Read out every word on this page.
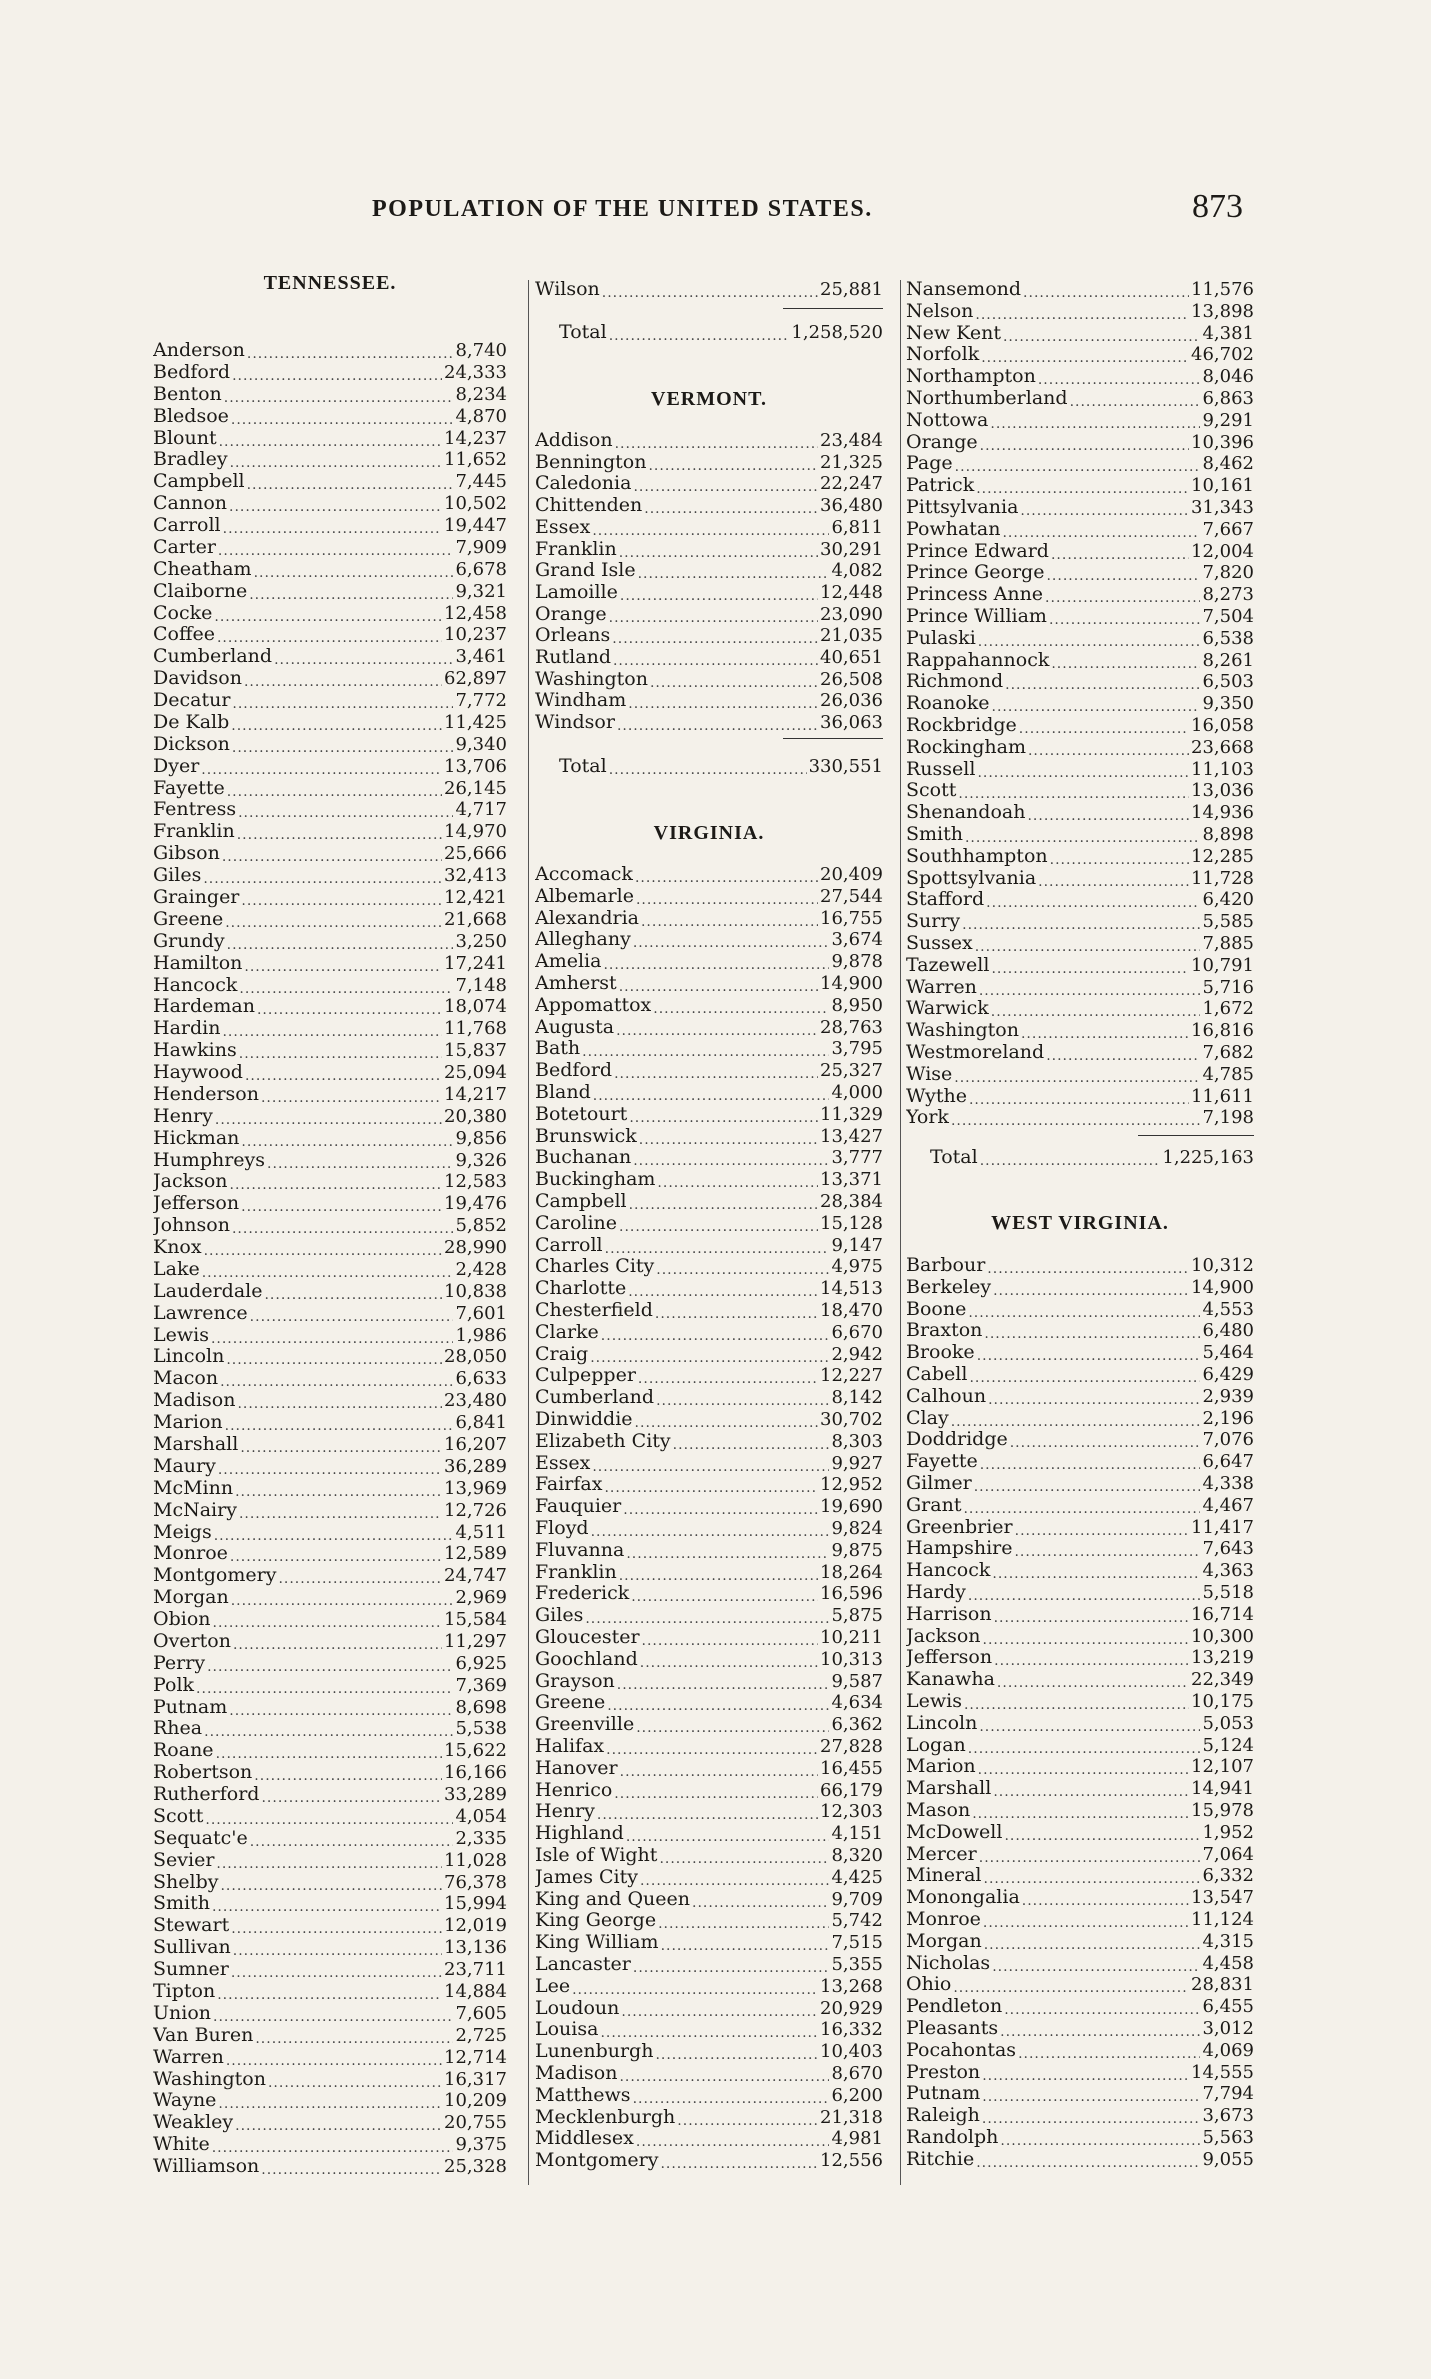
POPULATION OF THE UNITED STATES.	873
TENNESSEE.
Anderson .....	8,740
Bedford .....	24,333
Benton .....	8,234
Bledsoe .....	4,870
Blount .....	14,237
Bradley .....	11,652
Campbell .....	7,445
Cannon .....	10,502
Carroll .....	19,447
Carter .....	7,909
Cheatham .....	6,678
Claiborne .....	9,321
Cocke .....	12,458
Coffee .....	10,237
Cumberland .....	3,461
Davidson .....	62,897
Decatur .....	7,772
De Kalb .....	11,425
Dickson .....	9,340
Dyer .....	13,706
Fayette .....	26,145
Fentress .....	4,717
Franklin .....	14,970
Gibson .....	25,666
Giles .....	32,413
Grainger .....	12,421
Greene .....	21,668
Grundy .....	3,250
Hamilton .....	17,241
Hancock .....	7,148
Hardeman .....	18,074
Hardin .....	11,768
Hawkins .....	15,837
Haywood .....	25,094
Henderson .....	14,217
Henry .....	20,380
Hickman .....	9,856
Humphreys .....	9,326
Jackson .....	12,583
Jefferson .....	19,476
Johnson .....	5,852
Knox .....	28,990
Lake .....	2,428
Lauderdale .....	10,838
Lawrence .....	7,601
Lewis .....	1,986
Lincoln .....	28,050
Macon .....	6,633
Madison .....	23,480
Marion .....	6,841
Marshall .....	16,207
Maury .....	36,289
McMinn .....	13,969
McNairy .....	12,726
Meigs .....	4,511
Monroe .....	12,589
Montgomery .....	24,747
Morgan .....	2,969
Obion .....	15,584
Overton .....	11,297
Perry .....	6,925
Polk .....	7,369
Putnam .....	8,698
Rhea .....	5,538
Roane .....	15,622
Robertson .....	16,166
Rutherford .....	33,289
Scott .....	4,054
Sequatc'e .....	2,335
Sevier .....	11,028
Shelby .....	76,378
Smith .....	15,994
Stewart .....	12,019
Sullivan .....	13,136
Sumner .....	23,711
Tipton .....	14,884
Union .....	7,605
Van Buren .....	2,725
Warren .....	12,714
Washington .....	16,317
Wayne .....	10,209
Weakley .....	20,755
White .....	9,375
Williamson .....	25,328
Wilson .....	25,881
Total .....	1,258,520
VERMONT.
Addison .....	23,484
Bennington .....	21,325
Caledonia .....	22,247
Chittenden .....	36,480
Essex .....	6,811
Franklin .....	30,291
Grand Isle .....	4,082
Lamoille .....	12,448
Orange .....	23,090
Orleans .....	21,035
Rutland .....	40,651
Washington .....	26,508
Windham .....	26,036
Windsor .....	36,063
Total .....	330,551
VIRGINIA.
Accomack .....	20,409
Albemarle .....	27,544
Alexandria .....	16,755
Alleghany .....	3,674
Amelia .....	9,878
Amherst .....	14,900
Appomattox .....	8,950
Augusta .....	28,763
Bath .....	3,795
Bedford .....	25,327
Bland .....	4,000
Botetourt .....	11,329
Brunswick .....	13,427
Buchanan .....	3,777
Buckingham .....	13,371
Campbell .....	28,384
Caroline .....	15,128
Carroll .....	9,147
Charles City .....	4,975
Charlotte .....	14,513
Chesterfield .....	18,470
Clarke .....	6,670
Craig .....	2,942
Culpepper .....	12,227
Cumberland .....	8,142
Dinwiddie .....	30,702
Elizabeth City .....	8,303
Essex .....	9,927
Fairfax .....	12,952
Fauquier .....	19,690
Floyd .....	9,824
Fluvanna .....	9,875
Franklin .....	18,264
Frederick .....	16,596
Giles .....	5,875
Gloucester .....	10,211
Goochland .....	10,313
Grayson .....	9,587
Greene .....	4,634
Greenville .....	6,362
Halifax .....	27,828
Hanover .....	16,455
Henrico .....	66,179
Henry .....	12,303
Highland .....	4,151
Isle of Wight .....	8,320
James City .....	4,425
King and Queen .....	9,709
King George .....	5,742
King William .....	7,515
Lancaster .....	5,355
Lee .....	13,268
Loudoun .....	20,929
Louisa .....	16,332
Lunenburgh .....	10,403
Madison .....	8,670
Matthews .....	6,200
Mecklenburgh .....	21,318
Middlesex .....	4,981
Montgomery .....	12,556
Nansemond .....	11,576
Nelson .....	13,898
New Kent .....	4,381
Norfolk .....	46,702
Northampton .....	8,046
Northumberland .....	6,863
Nottowa .....	9,291
Orange .....	10,396
Page .....	8,462
Patrick .....	10,161
Pittsylvania .....	31,343
Powhatan .....	7,667
Prince Edward .....	12,004
Prince George .....	7,820
Princess Anne .....	8,273
Prince William .....	7,504
Pulaski .....	6,538
Rappahannock .....	8,261
Richmond .....	6,503
Roanoke .....	9,350
Rockbridge .....	16,058
Rockingham .....	23,668
Russell .....	11,103
Scott .....	13,036
Shenandoah .....	14,936
Smith .....	8,898
Southhampton .....	12,285
Spottsylvania .....	11,728
Stafford .....	6,420
Surry .....	5,585
Sussex .....	7,885
Tazewell .....	10,791
Warren .....	5,716
Warwick .....	1,672
Washington .....	16,816
Westmoreland .....	7,682
Wise .....	4,785
Wythe .....	11,611
York .....	7,198
Total .....	1,225,163
WEST VIRGINIA.
Barbour .....	10,312
Berkeley .....	14,900
Boone .....	4,553
Braxton .....	6,480
Brooke .....	5,464
Cabell .....	6,429
Calhoun .....	2,939
Clay .....	2,196
Doddridge .....	7,076
Fayette .....	6,647
Gilmer .....	4,338
Grant .....	4,467
Greenbrier .....	11,417
Hampshire .....	7,643
Hancock .....	4,363
Hardy .....	5,518
Harrison .....	16,714
Jackson .....	10,300
Jefferson .....	13,219
Kanawha .....	22,349
Lewis .....	10,175
Lincoln .....	5,053
Logan .....	5,124
Marion .....	12,107
Marshall .....	14,941
Mason .....	15,978
McDowell .....	1,952
Mercer .....	7,064
Mineral .....	6,332
Monongalia .....	13,547
Monroe .....	11,124
Morgan .....	4,315
Nicholas .....	4,458
Ohio .....	28,831
Pendleton .....	6,455
Pleasants .....	3,012
Pocahontas .....	4,069
Preston .....	14,555
Putnam .....	7,794
Raleigh .....	3,673
Randolph .....	5,563
Ritchie .....	9,055
